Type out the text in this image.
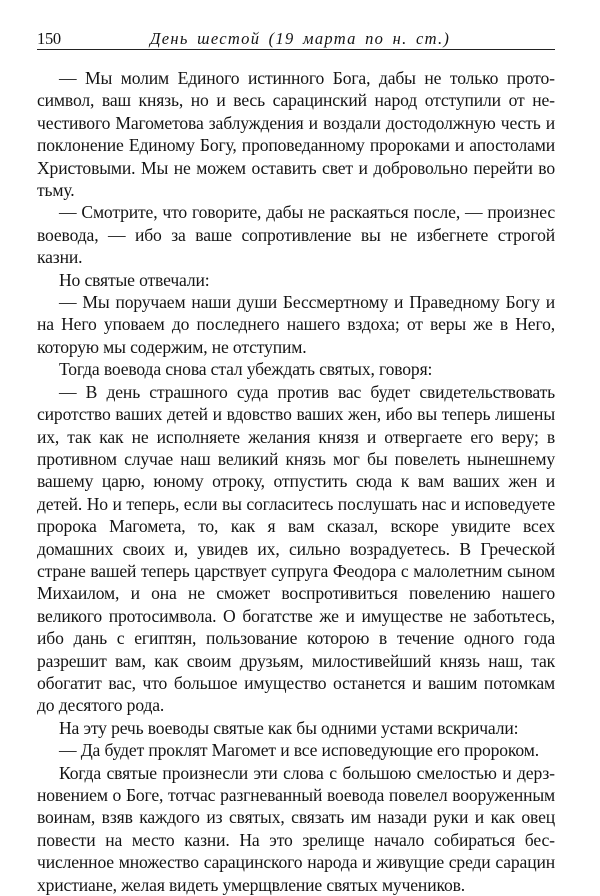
150	День шестой (19 марта по н. ст.)

— Мы молим Единого истинного Бога, дабы не только протосимвол, ваш князь, но и весь сарацинский народ отступили от нечестивого Магометова заблуждения и воздали достодолжную честь и поклонение Единому Богу, проповеданному пророками и апостолами Христовыми. Мы не можем оставить свет и добровольно перейти во тьму.

— Смотрите, что говорите, дабы не раскаяться после, — произнес воевода, — ибо за ваше сопротивление вы не избегнете строгой казни.

Но святые отвечали:

— Мы поручаем наши души Бессмертному и Праведному Богу и на Него уповаем до последнего нашего вздоха; от веры же в Него, которую мы содержим, не отступим.

Тогда воевода снова стал убеждать святых, говоря:

— В день страшного суда против вас будет свидетельствовать сиротство ваших детей и вдовство ваших жен, ибо вы теперь лишены их, так как не исполняете желания князя и отвергаете его веру; в противном случае наш великий князь мог бы повелеть нынешнему вашему царю, юному отроку, отпустить сюда к вам ваших жен и детей. Но и теперь, если вы согласитесь послушать нас и исповедуете пророка Магомета, то, как я вам сказал, вскоре увидите всех домашних своих и, увидев их, сильно возрадуетесь. В Греческой стране вашей теперь царствует супруга Феодора с малолетним сыном Михаилом, и она не сможет воспротивиться повелению нашего великого протосимвола. О богатстве же и имуществе не заботьтесь, ибо дань с египтян, пользование которою в течение одного года разрешит вам, как своим друзьям, милостивейший князь наш, так обогатит вас, что большое имущество останется и вашим потомкам до десятого рода.

На эту речь воеводы святые как бы одними устами вскричали:

— Да будет проклят Магомет и все исповедующие его пророком.

Когда святые произнесли эти слова с большою смелостью и дерзновением о Боге, тотчас разгневанный воевода повелел вооруженным воинам, взяв каждого из святых, связать им назади руки и как овец повести на место казни. На это зрелище начало собираться бесчисленное множество сарацинского народа и живущие среди сарацин христиане, желая видеть умерщвление святых мучеников.
